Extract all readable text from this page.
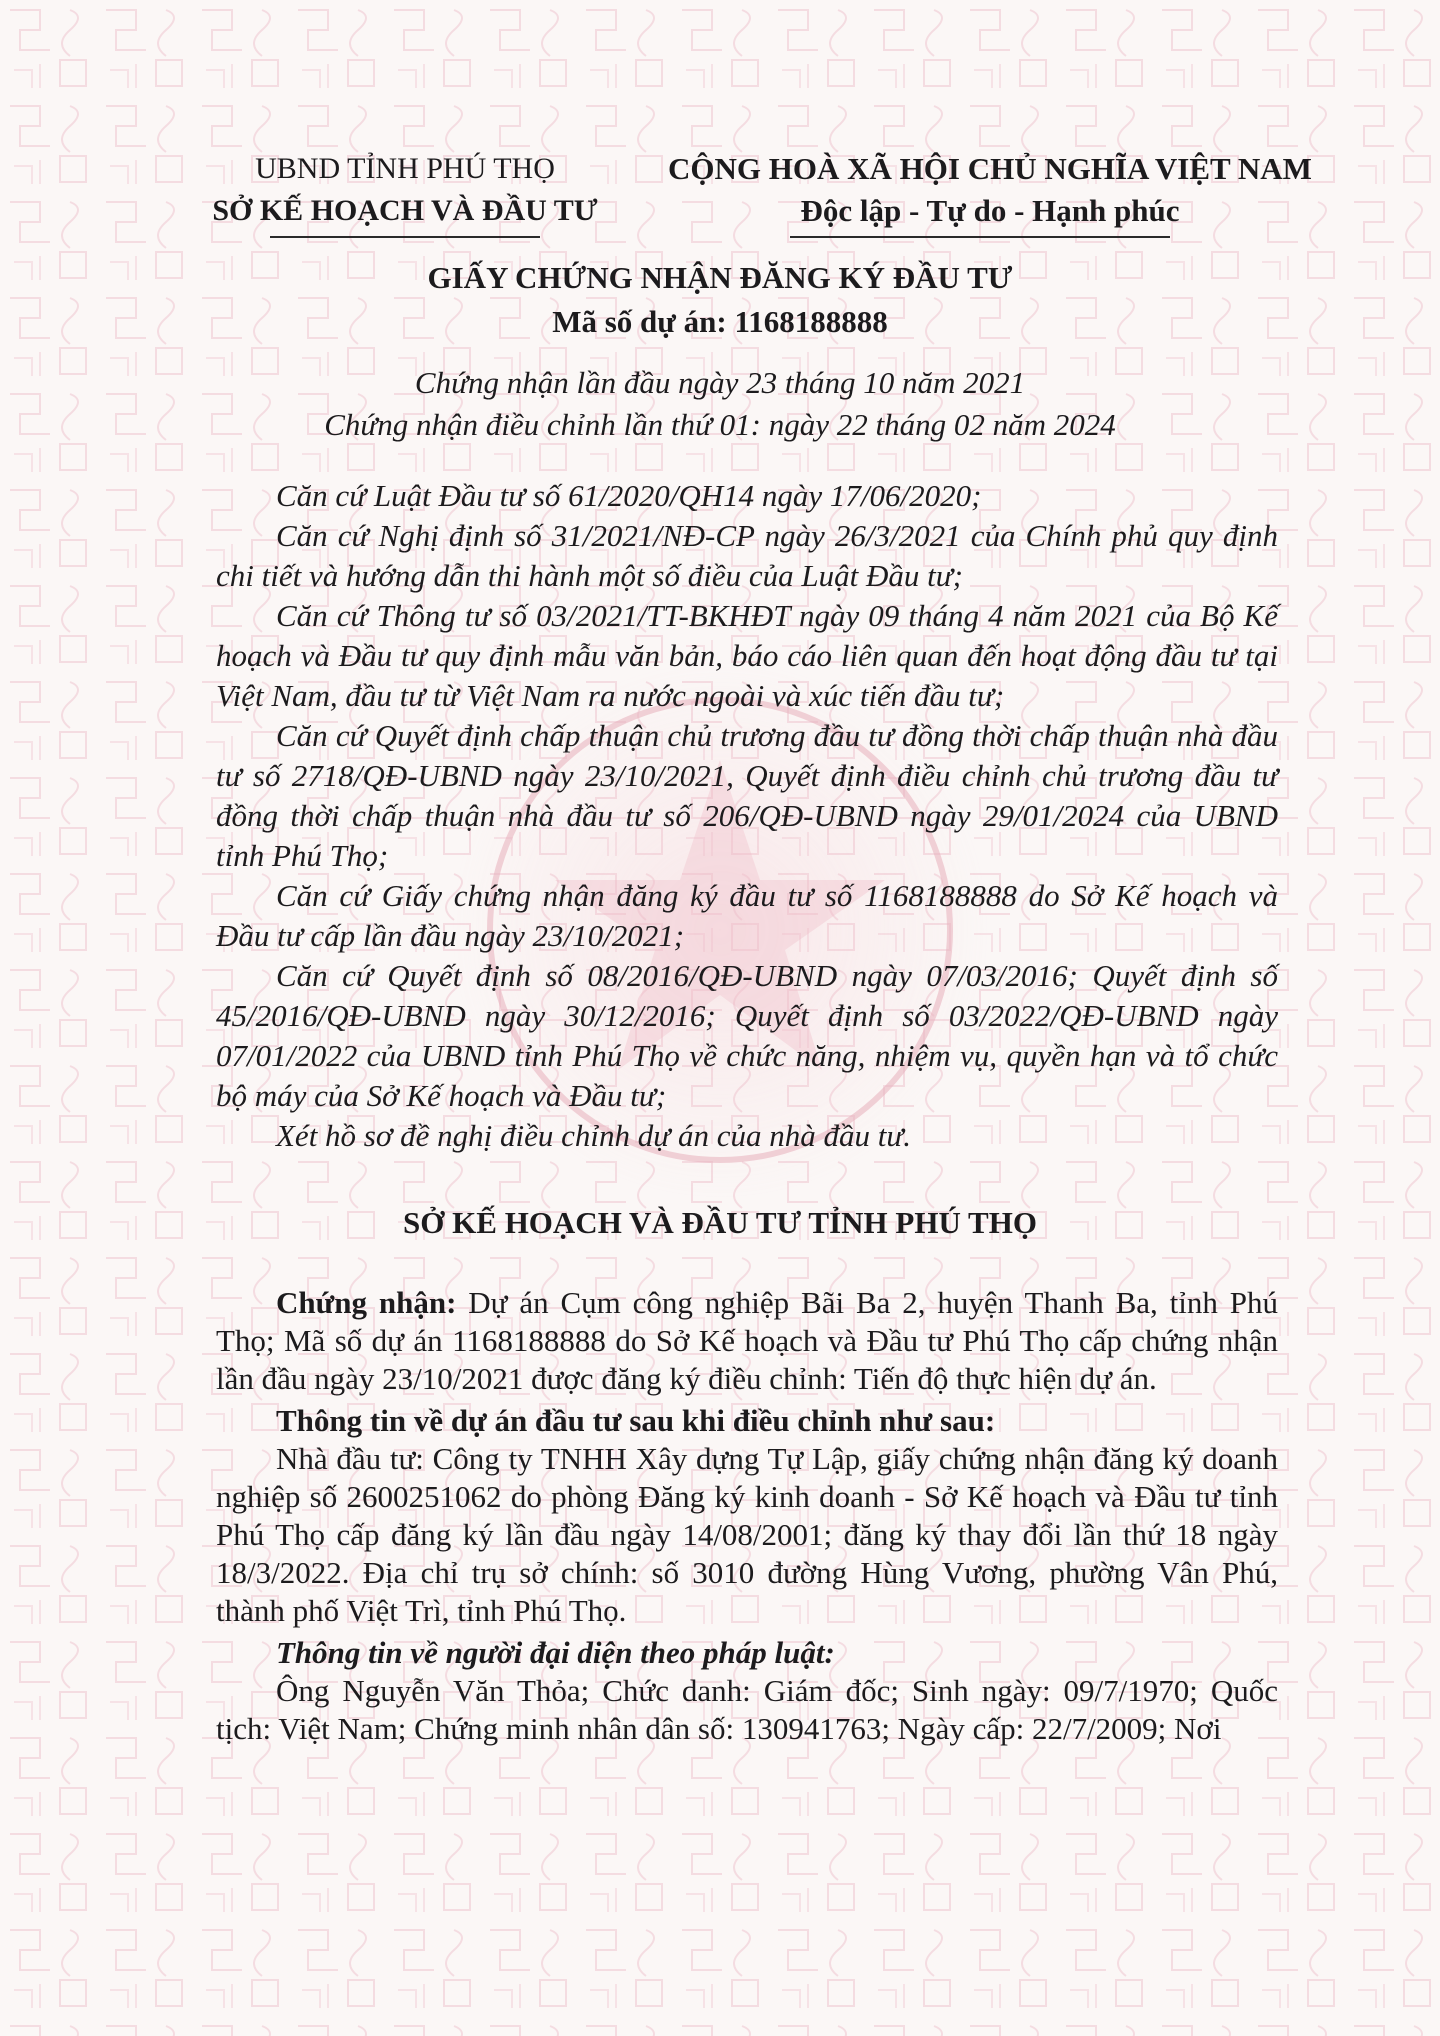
UBND TỈNH PHÚ THỌ
SỞ KẾ HOẠCH VÀ ĐẦU TƯ
CỘNG HOÀ XÃ HỘI CHỦ NGHĨA VIỆT NAM
Độc lập - Tự do - Hạnh phúc
GIẤY CHỨNG NHẬN ĐĂNG KÝ ĐẦU TƯ
Mã số dự án: 1168188888
Chứng nhận lần đầu ngày 23 tháng 10 năm 2021
Chứng nhận điều chỉnh lần thứ 01: ngày 22 tháng 02 năm 2024

Căn cứ Luật Đầu tư số 61/2020/QH14 ngày 17/06/2020;

Căn cứ Nghị định số 31/2021/NĐ-CP ngày 26/3/2021 của Chính phủ quy định chi tiết và hướng dẫn thi hành một số điều của Luật Đầu tư;

Căn cứ Thông tư số 03/2021/TT-BKHĐT ngày 09 tháng 4 năm 2021 của Bộ Kế hoạch và Đầu tư quy định mẫu văn bản, báo cáo liên quan đến hoạt động đầu tư tại Việt Nam, đầu tư từ Việt Nam ra nước ngoài và xúc tiến đầu tư;

Căn cứ Quyết định chấp thuận chủ trương đầu tư đồng thời chấp thuận nhà đầu tư số 2718/QĐ-UBND ngày 23/10/2021, Quyết định điều chỉnh chủ trương đầu tư đồng thời chấp thuận nhà đầu tư số 206/QĐ-UBND ngày 29/01/2024 của UBND tỉnh Phú Thọ;

Căn cứ Giấy chứng nhận đăng ký đầu tư số 1168188888 do Sở Kế hoạch và Đầu tư cấp lần đầu ngày 23/10/2021;

Căn cứ Quyết định số 08/2016/QĐ-UBND ngày 07/03/2016; Quyết định số 45/2016/QĐ-UBND ngày 30/12/2016; Quyết định số 03/2022/QĐ-UBND ngày 07/01/2022 của UBND tỉnh Phú Thọ về chức năng, nhiệm vụ, quyền hạn và tổ chức bộ máy của Sở Kế hoạch và Đầu tư;

Xét hồ sơ đề nghị điều chỉnh dự án của nhà đầu tư.

SỞ KẾ HOẠCH VÀ ĐẦU TƯ TỈNH PHÚ THỌ

Chứng nhận: Dự án Cụm công nghiệp Bãi Ba 2, huyện Thanh Ba, tỉnh Phú Thọ; Mã số dự án 1168188888 do Sở Kế hoạch và Đầu tư Phú Thọ cấp chứng nhận lần đầu ngày 23/10/2021 được đăng ký điều chỉnh: Tiến độ thực hiện dự án.

Thông tin về dự án đầu tư sau khi điều chỉnh như sau:

Nhà đầu tư: Công ty TNHH Xây dựng Tự Lập, giấy chứng nhận đăng ký doanh nghiệp số 2600251062 do phòng Đăng ký kinh doanh - Sở Kế hoạch và Đầu tư tỉnh Phú Thọ cấp đăng ký lần đầu ngày 14/08/2001; đăng ký thay đổi lần thứ 18 ngày 18/3/2022. Địa chỉ trụ sở chính: số 3010 đường Hùng Vương, phường Vân Phú, thành phố Việt Trì, tỉnh Phú Thọ.

Thông tin về người đại diện theo pháp luật:

Ông Nguyễn Văn Thỏa; Chức danh: Giám đốc; Sinh ngày: 09/7/1970; Quốc tịch: Việt Nam; Chứng minh nhân dân số: 130941763; Ngày cấp: 22/7/2009; Nơi
